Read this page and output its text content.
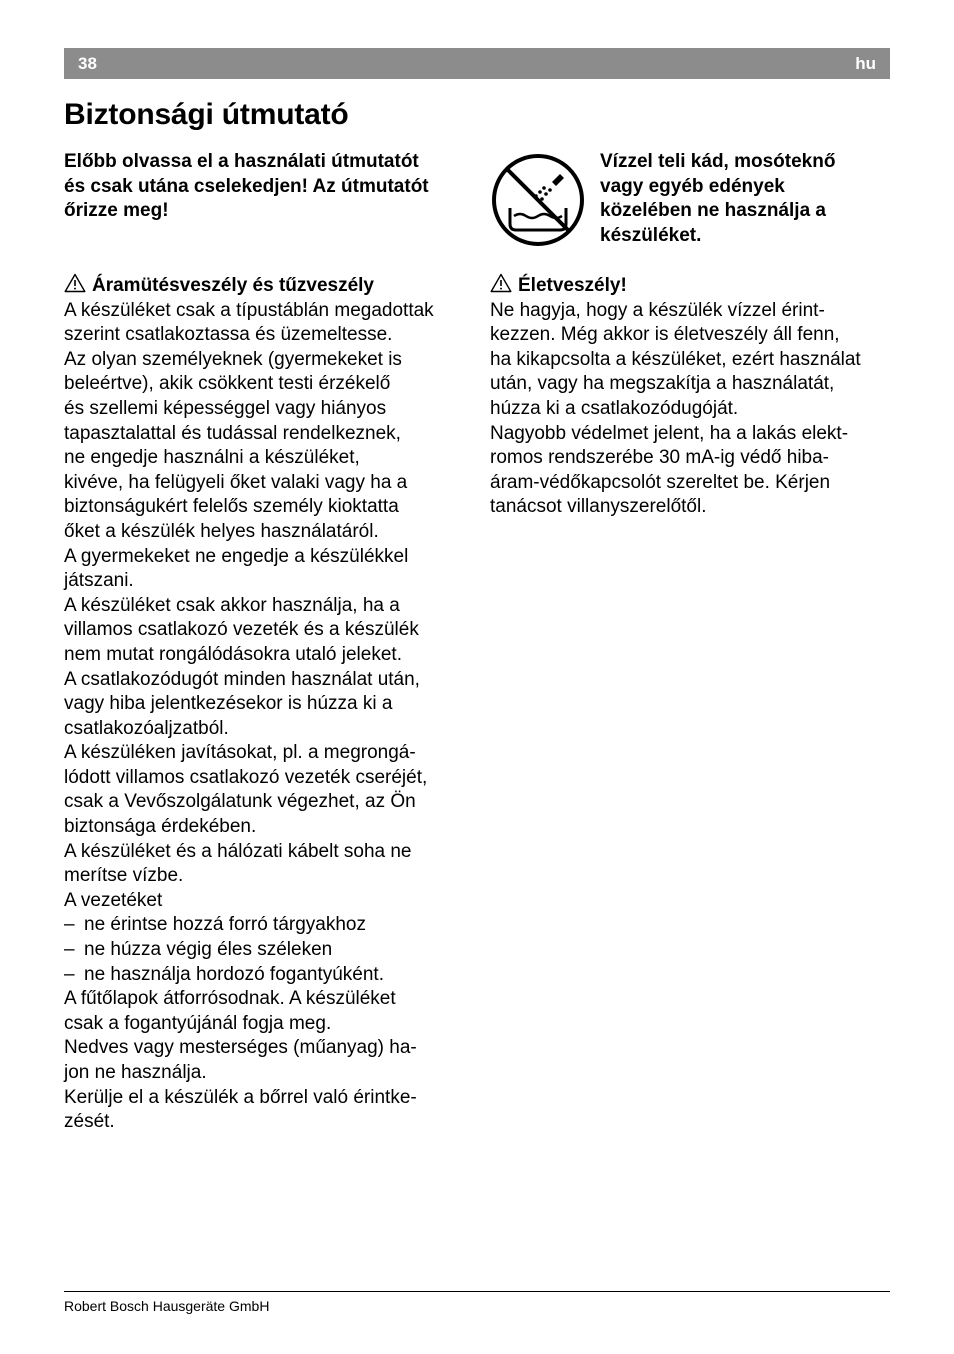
38	hu
Biztonsági útmutató
Előbb olvassa el a használati útmutatót
és csak utána cselekedjen! Az útmutatót
őrizze meg!
Vízzel teli kád, mosóteknő
vagy egyéb edények
közelében ne használja a
készüléket.
Áramütésveszély és tűzveszély
A készüléket csak a típustáblán megadottak
szerint csatlakoztassa és üzemeltesse.
Az olyan személyeknek (gyermekeket is
beleértve), akik csökkent testi érzékelő
és szellemi képességgel vagy hiányos
tapasztalattal és tudással rendelkeznek,
ne engedje használni a készüléket,
kivéve, ha felügyeli őket valaki vagy ha a
biztonságukért felelős személy kioktatta
őket a készülék helyes használatáról.
A gyermekeket ne engedje a készülékkel
játszani.
A készüléket csak akkor használja, ha a
villamos csatlakozó vezeték és a készülék
nem mutat rongálódásokra utaló jeleket.
A csatlakozódugót minden használat után,
vagy hiba jelentkezésekor is húzza ki a
csatlakozóaljzatból.
A készüléken javításokat, pl. a megrongá-
lódott villamos csatlakozó vezeték cseréjét,
csak a Vevőszolgálatunk végezhet, az Ön
biztonsága érdekében.
A készüléket és a hálózati kábelt soha ne
merítse vízbe.
A vezetéket
– ne érintse hozzá forró tárgyakhoz
– ne húzza végig éles széleken
– ne használja hordozó fogantyúként.
A fűtőlapok átforrósodnak. A készüléket
csak a fogantyújánál fogja meg.
Nedves vagy mesterséges (műanyag) ha-
jon ne használja.
Kerülje el a készülék a bőrrel való érintke-
zését.
Életveszély!
Ne hagyja, hogy a készülék vízzel érint-
kezzen. Még akkor is életveszély áll fenn,
ha kikapcsolta a készüléket, ezért használat
után, vagy ha megszakítja a használatát,
húzza ki a csatlakozódugóját.
Nagyobb védelmet jelent, ha a lakás elekt-
romos rendszerébe 30 mA-ig védő hiba-
áram-védőkapcsolót szereltet be. Kérjen
tanácsot villanyszerelőtől.
Robert Bosch Hausgeräte GmbH
